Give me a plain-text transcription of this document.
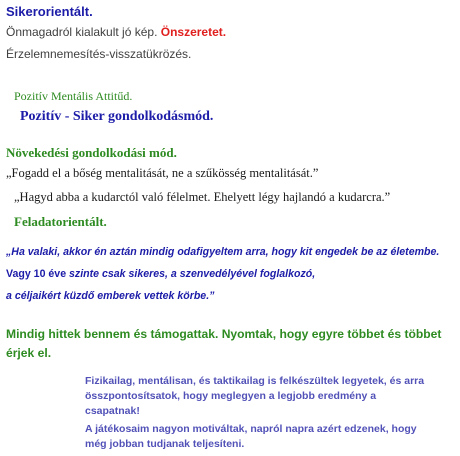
Sikerorientált.

Önmagadról kialakult jó kép. Önszeretet.

Érzelemnemesítés-visszatükrözés.

Pozitív Mentális Attitűd.

Pozitív - Siker gondolkodásmód.

Növekedési gondolkodási mód.

„Fogadd el a bőség mentalitását, ne a szűkösség mentalitását.”

„Hagyd abba a kudarctól való félelmet. Ehelyett légy hajlandó a kudarcra.”

Feladatorientált.

„Ha valaki, akkor én aztán mindig odafigyeltem arra, hogy kit engedek be az életembe.

Vagy 10 éve szinte csak sikeres, a szenvedélyével foglalkozó,

a céljaikért küzdő emberek vettek körbe.”

Mindig hittek bennem és támogattak. Nyomtak, hogy egyre többet és többet

érjek el.

Fizikailag, mentálisan, és taktikailag is felkészültek legyetek, és arra

összpontosítsatok, hogy meglegyen a legjobb eredmény a

csapatnak!

A játékosaim nagyon motiváltak, napról napra azért edzenek, hogy

még jobban tudjanak teljesíteni.
